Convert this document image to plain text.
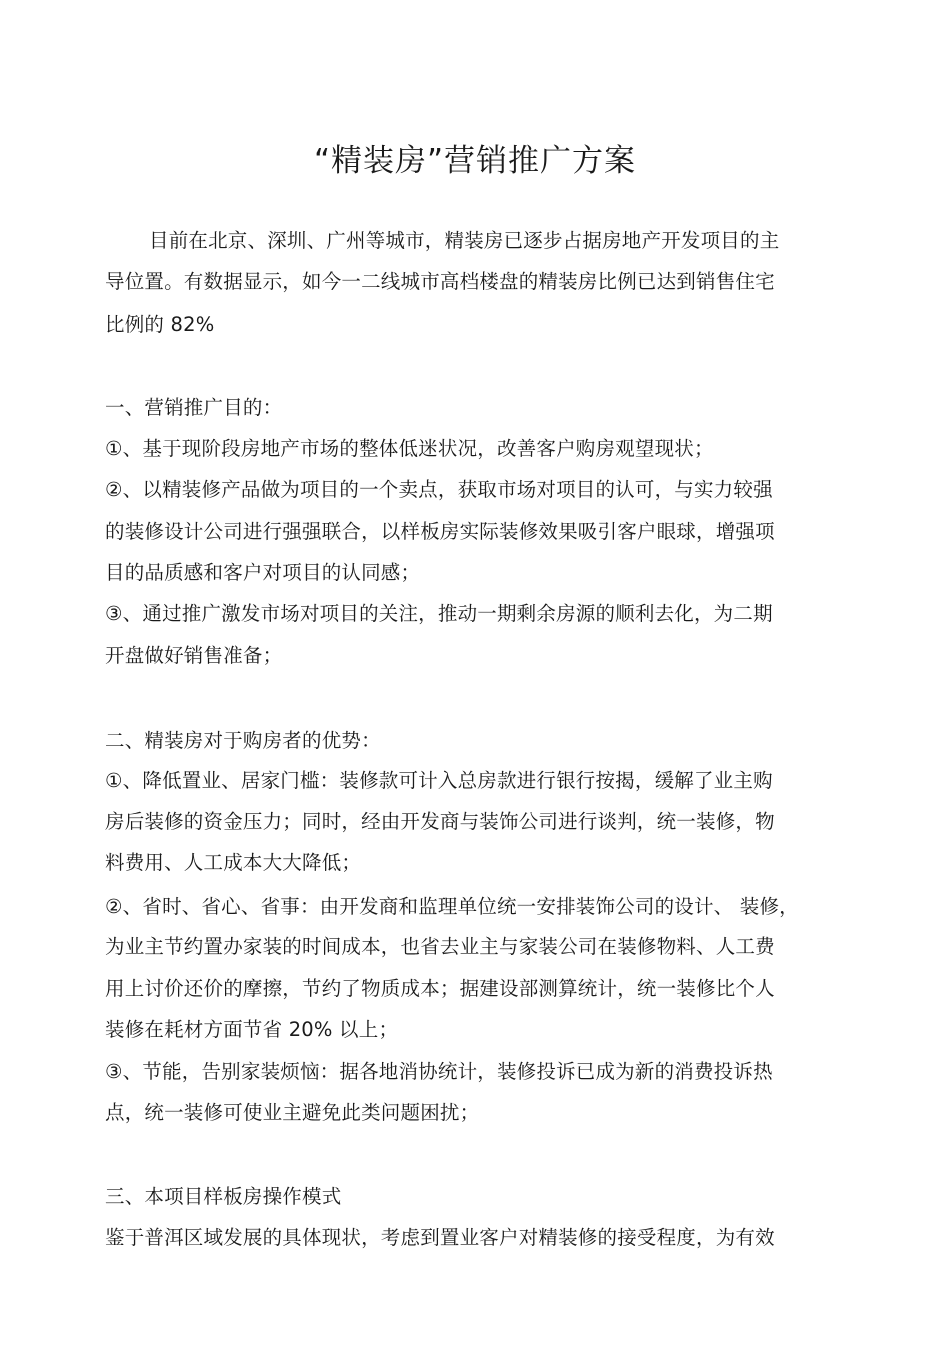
“精装房”营销推广方案
目前在北京、深圳、广州等城市，精装房已逐步占据房地产开发项目的主
导位置。有数据显示，如今一二线城市高档楼盘的精装房比例已达到销售住宅
比例的 82%
一、营销推广目的：
①、基于现阶段房地产市场的整体低迷状况，改善客户购房观望现状；
②、以精装修产品做为项目的一个卖点，获取市场对项目的认可，与实力较强
的装修设计公司进行强强联合，以样板房实际装修效果吸引客户眼球，增强项
目的品质感和客户对项目的认同感；
③、通过推广激发市场对项目的关注，推动一期剩余房源的顺利去化，为二期
开盘做好销售准备；
二、精装房对于购房者的优势：
①、降低置业、居家门槛：装修款可计入总房款进行银行按揭，缓解了业主购
房后装修的资金压力；同时，经由开发商与装饰公司进行谈判，统一装修，物
料费用、人工成本大大降低；
②、省时、省心、省事：由开发商和监理单位统一安排装饰公司的设计、 装修，
为业主节约置办家装的时间成本，也省去业主与家装公司在装修物料、人工费
用上讨价还价的摩擦，节约了物质成本；据建设部测算统计，统一装修比个人
装修在耗材方面节省 20% 以上；
③、节能，告别家装烦恼：据各地消协统计，装修投诉已成为新的消费投诉热
点，统一装修可使业主避免此类问题困扰；
三、本项目样板房操作模式
鉴于普洱区域发展的具体现状，考虑到置业客户对精装修的接受程度，为有效
